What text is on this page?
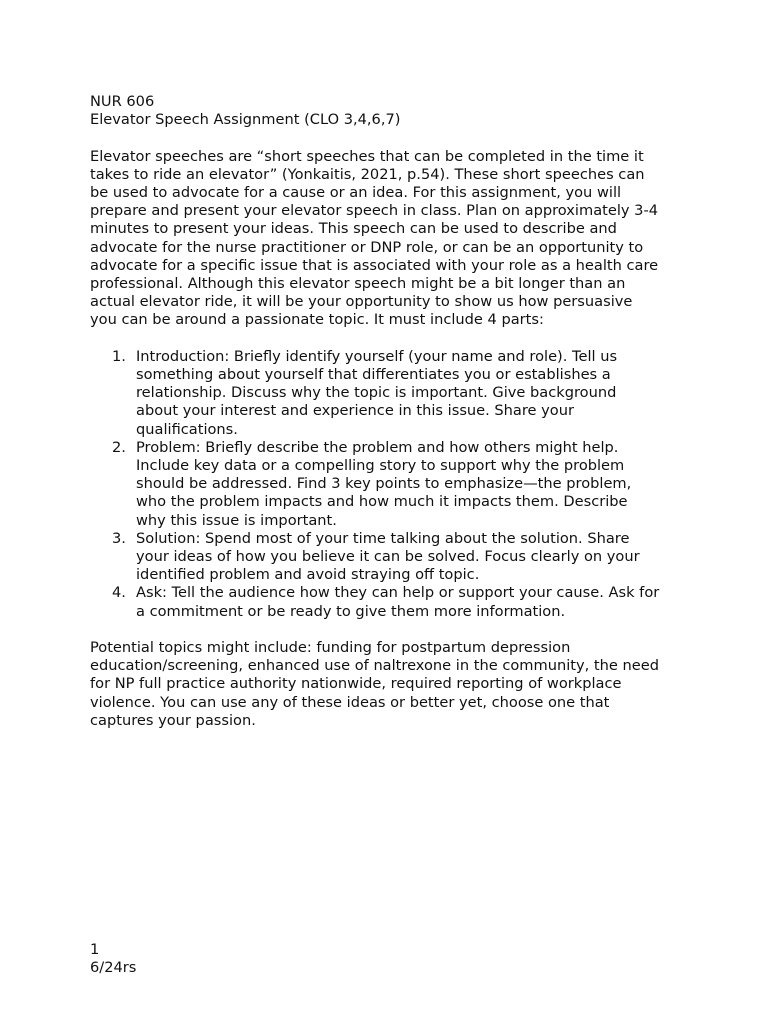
NUR 606
Elevator Speech Assignment (CLO 3,4,6,7)

Elevator speeches are “short speeches that can be completed in the time it
takes to ride an elevator” (Yonkaitis, 2021, p.54). These short speeches can
be used to advocate for a cause or an idea. For this assignment, you will
prepare and present your elevator speech in class. Plan on approximately 3-4
minutes to present your ideas. This speech can be used to describe and
advocate for the nurse practitioner or DNP role, or can be an opportunity to
advocate for a specific issue that is associated with your role as a health care
professional. Although this elevator speech might be a bit longer than an
actual elevator ride, it will be your opportunity to show us how persuasive
you can be around a passionate topic. It must include 4 parts:

1. Introduction: Briefly identify yourself (your name and role). Tell us
something about yourself that differentiates you or establishes a
relationship. Discuss why the topic is important. Give background
about your interest and experience in this issue. Share your
qualifications.
2. Problem: Briefly describe the problem and how others might help.
Include key data or a compelling story to support why the problem
should be addressed. Find 3 key points to emphasize—the problem,
who the problem impacts and how much it impacts them. Describe
why this issue is important.
3. Solution: Spend most of your time talking about the solution. Share
your ideas of how you believe it can be solved. Focus clearly on your
identified problem and avoid straying off topic.
4. Ask: Tell the audience how they can help or support your cause. Ask for
a commitment or be ready to give them more information.

Potential topics might include: funding for postpartum depression
education/screening, enhanced use of naltrexone in the community, the need
for NP full practice authority nationwide, required reporting of workplace
violence. You can use any of these ideas or better yet, choose one that
captures your passion.

1
6/24rs
